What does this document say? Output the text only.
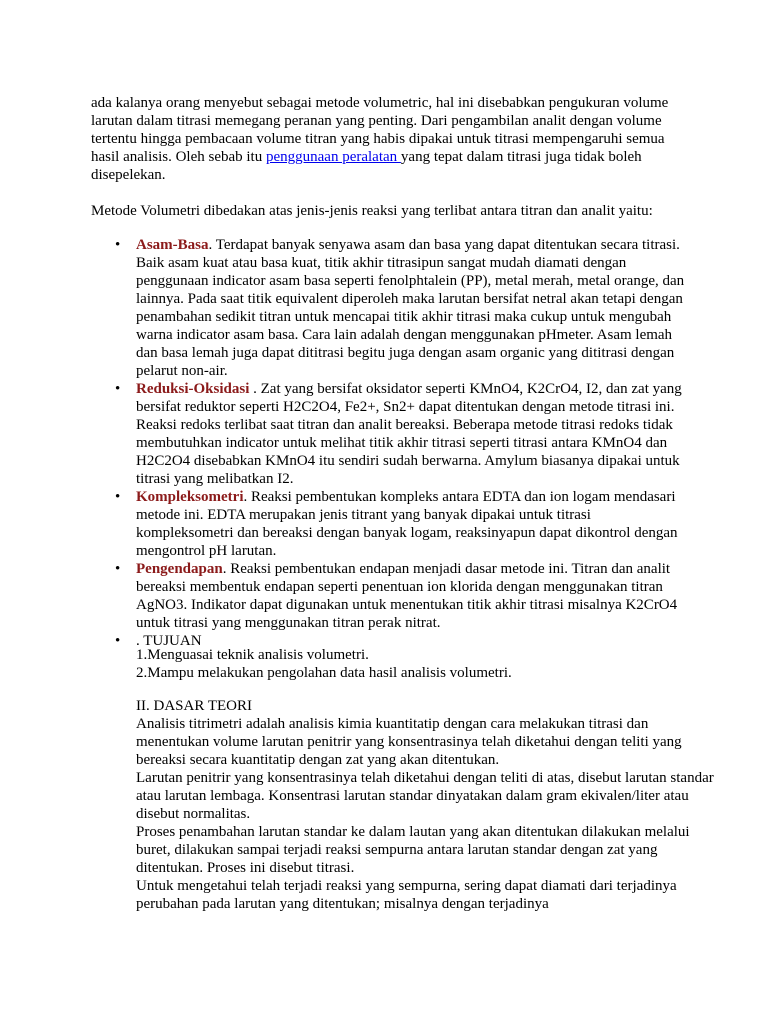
ada kalanya orang menyebut sebagai metode volumetric, hal ini disebabkan pengukuran volume larutan dalam titrasi memegang peranan yang penting. Dari pengambilan analit dengan volume tertentu hingga pembacaan volume titran yang habis dipakai untuk titrasi mempengaruhi semua hasil analisis. Oleh sebab itu penggunaan peralatan yang tepat dalam titrasi juga tidak boleh disepelekan.

Metode Volumetri dibedakan atas jenis-jenis reaksi yang terlibat antara titran dan analit yaitu:

• Asam-Basa. Terdapat banyak senyawa asam dan basa yang dapat ditentukan secara titrasi. Baik asam kuat atau basa kuat, titik akhir titrasipun sangat mudah diamati dengan penggunaan indicator asam basa seperti fenolphtalein (PP), metal merah, metal orange, dan lainnya. Pada saat titik equivalent diperoleh maka larutan bersifat netral akan tetapi dengan penambahan sedikit titran untuk mencapai titik akhir titrasi maka cukup untuk mengubah warna indicator asam basa. Cara lain adalah dengan menggunakan pHmeter. Asam lemah dan basa lemah juga dapat dititrasi begitu juga dengan asam organic yang dititrasi dengan pelarut non-air.
• Reduksi-Oksidasi . Zat yang bersifat oksidator seperti KMnO4, K2CrO4, I2, dan zat yang bersifat reduktor seperti H2C2O4, Fe2+, Sn2+ dapat ditentukan dengan metode titrasi ini. Reaksi redoks terlibat saat titran dan analit bereaksi. Beberapa metode titrasi redoks tidak membutuhkan indicator untuk melihat titik akhir titrasi seperti titrasi antara KMnO4 dan H2C2O4 disebabkan KMnO4 itu sendiri sudah berwarna. Amylum biasanya dipakai untuk titrasi yang melibatkan I2.
• Kompleksometri. Reaksi pembentukan kompleks antara EDTA dan ion logam mendasari metode ini. EDTA merupakan jenis titrant yang banyak dipakai untuk titrasi kompleksometri dan bereaksi dengan banyak logam, reaksinyapun dapat dikontrol dengan mengontrol pH larutan.
• Pengendapan. Reaksi pembentukan endapan menjadi dasar metode ini. Titran dan analit bereaksi membentuk endapan seperti penentuan ion klorida dengan menggunakan titran AgNO3. Indikator dapat digunakan untuk menentukan titik akhir titrasi misalnya K2CrO4 untuk titrasi yang menggunakan titran perak nitrat.
• . TUJUAN
1.Menguasai teknik analisis volumetri.
2.Mampu melakukan pengolahan data hasil analisis volumetri.
II. DASAR TEORI
Analisis titrimetri adalah analisis kimia kuantitatip dengan cara melakukan titrasi dan menentukan volume larutan penitrir yang konsentrasinya telah diketahui dengan teliti yang bereaksi secara kuantitatip dengan zat yang akan ditentukan.
Larutan penitrir yang konsentrasinya telah diketahui dengan teliti di atas, disebut larutan standar atau larutan lembaga. Konsentrasi larutan standar dinyatakan dalam gram ekivalen/liter atau disebut normalitas.
Proses penambahan larutan standar ke dalam lautan yang akan ditentukan dilakukan melalui buret, dilakukan sampai terjadi reaksi sempurna antara larutan standar dengan zat yang ditentukan. Proses ini disebut titrasi.
Untuk mengetahui telah terjadi reaksi yang sempurna, sering dapat diamati dari terjadinya perubahan pada larutan yang ditentukan; misalnya dengan terjadinya
